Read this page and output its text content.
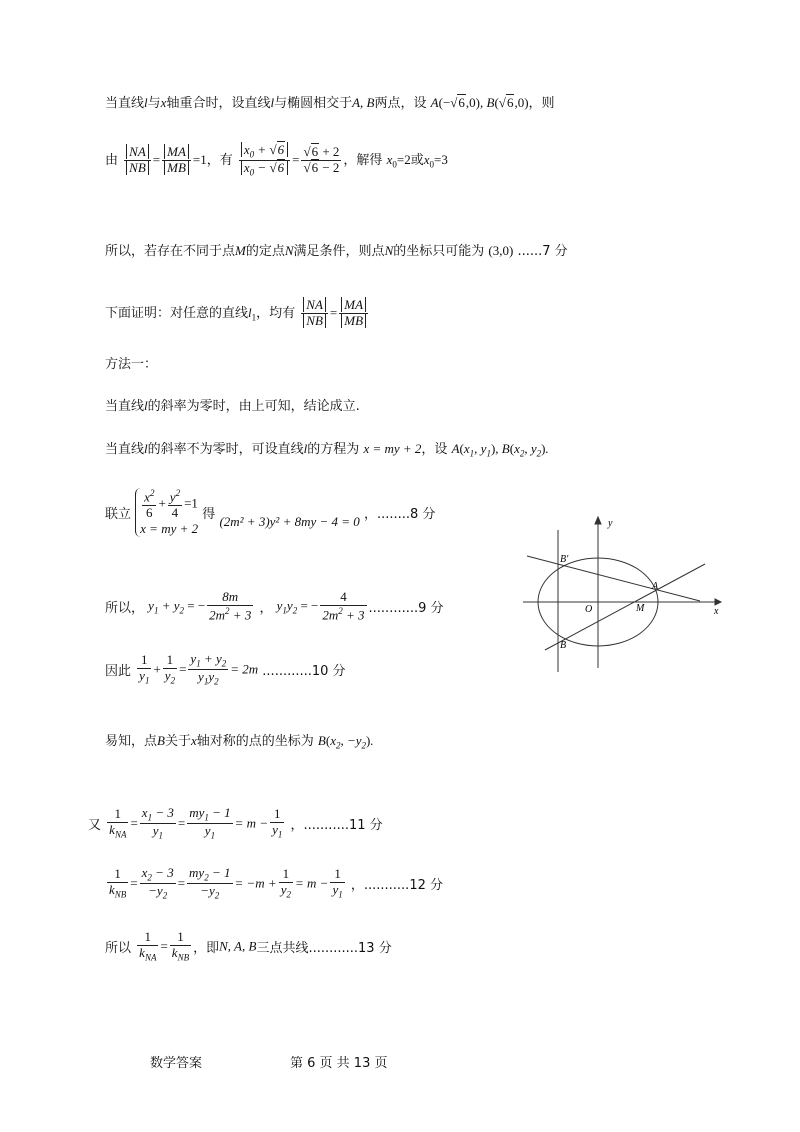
当直线l与x轴重合时，设直线l与椭圆相交于A, B两点，设 A(−√6,0), B(√6,0)，则
由 $\frac{NA}{NB} = \frac{MA}{MB} =1$，有 $\frac{x_0 + √6}{x_0 - √6} = \frac{√6 + 2}{√6 - 2}$ ，解得 $x_0=2$或$x_0=3$
所以，若存在不同于点M的定点N满足条件，则点N的坐标只可能为 (3,0) ......7 分
下面证明：对任意的直线$l_1$，均有 $\frac{NA}{NB} = \frac{MA}{MB}$
方法一：
当直线l的斜率为零时，由上可知，结论成立.
当直线l的斜率不为零时，可设直线l的方程为 x = my + 2，设 $A(x_1$, $y_1$), $B(x_2$, $y_2$).
联立 $\frac{x^2}{6} + \frac{y^2}{4} =1$
x = my + 2
得 (2m² + 3)y² + 8my − 4 = 0 ，........8 分
所以， $y_1 + y_2$ = − $\frac{8m}{2m^2 + 3}$ ， $y_1y_2$ = − $\frac{4}{2m^2 + 3} ............9$ 分
因此 $\frac{1}{y_1} + \frac{1}{y_2} = \frac{y_1 + y_2}{y_1y_2} = 2m$ ............10 分
易知，点B关于x轴对称的点的坐标为 $B(x_2$, $-y_2$).
又 $\frac{1}{k_{NA}} = \frac{x_1 - 3}{y_1} = \frac{my_1 - 1}{y_1} = m - \frac{1}{y_1}$ ，...........11 分
$\frac{1}{k_{NB}} = \frac{x_2 - 3}{-y_2} = \frac{my_2 - 1}{-y_2} = -m + \frac{1}{y_2} = m - \frac{1}{y_1}$ ，...........12 分
所以 $\frac{1}{k_{NA}} = \frac{1}{k_{NB}}$ ，即N, A, B三点共线............13 分
y
x
O	M
A
B'
B
数学答案	第 6 页 共 13 页
